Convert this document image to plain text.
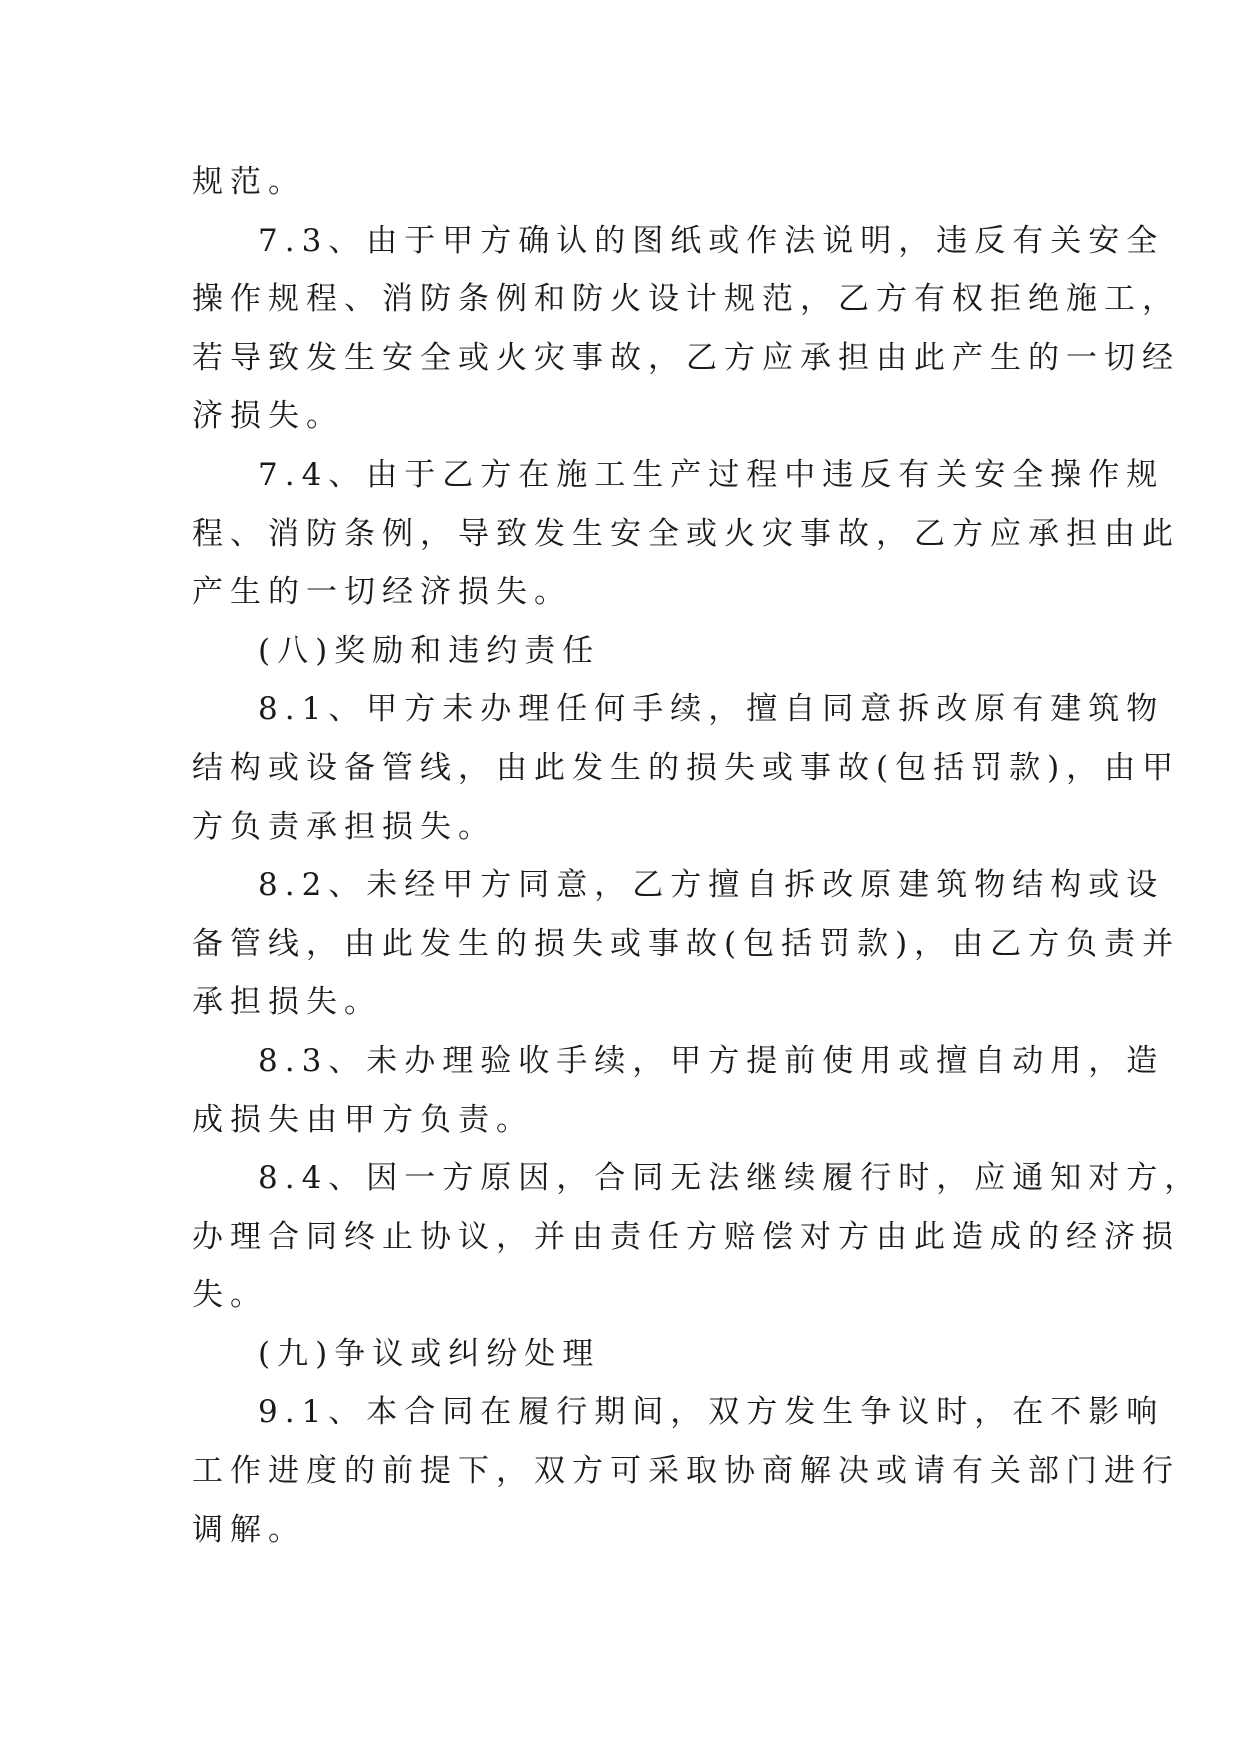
规范。

7.3、由于甲方确认的图纸或作法说明，违反有关安全
操作规程、消防条例和防火设计规范，乙方有权拒绝施工，
若导致发生安全或火灾事故，乙方应承担由此产生的一切经
济损失。

7.4、由于乙方在施工生产过程中违反有关安全操作规
程、消防条例，导致发生安全或火灾事故，乙方应承担由此
产生的一切经济损失。

(八)奖励和违约责任

8.1、甲方未办理任何手续，擅自同意拆改原有建筑物
结构或设备管线，由此发生的损失或事故(包括罚款)，由甲
方负责承担损失。

8.2、未经甲方同意，乙方擅自拆改原建筑物结构或设
备管线，由此发生的损失或事故(包括罚款)，由乙方负责并
承担损失。

8.3、未办理验收手续，甲方提前使用或擅自动用，造
成损失由甲方负责。

8.4、因一方原因，合同无法继续履行时，应通知对方，
办理合同终止协议，并由责任方赔偿对方由此造成的经济损
失。

(九)争议或纠纷处理

9.1、本合同在履行期间，双方发生争议时，在不影响
工作进度的前提下，双方可采取协商解决或请有关部门进行
调解。
